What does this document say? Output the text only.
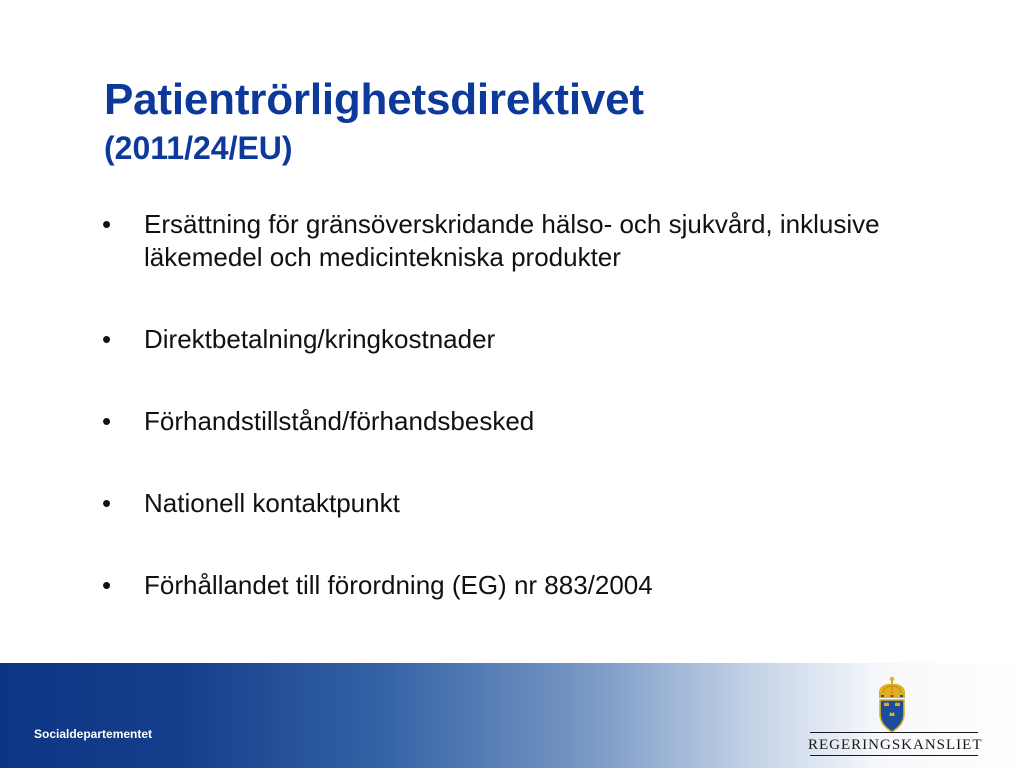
Patientrörlighetsdirektivet
(2011/24/EU)
•	Ersättning för gränsöverskridande hälso- och sjukvård, inklusive läkemedel och medicintekniska produkter
•	Direktbetalning/kringkostnader
•	Förhandstillstånd/förhandsbesked
•	Nationell kontaktpunkt
•	Förhållandet till förordning (EG) nr 883/2004
Socialdepartementet
REGERINGSKANSLIET
